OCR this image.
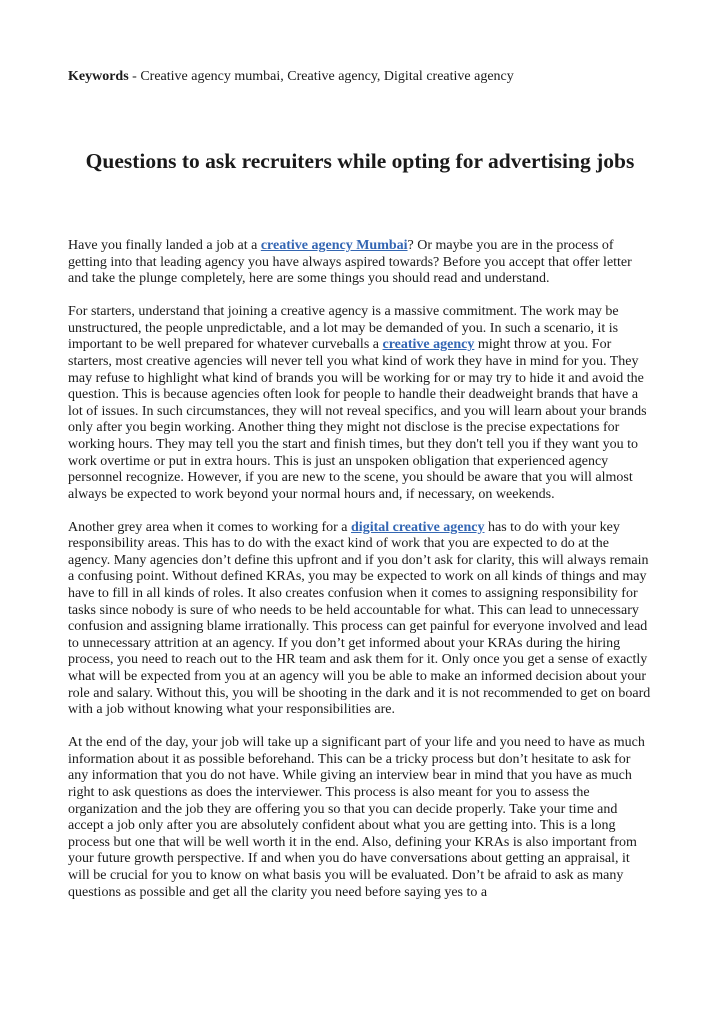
Keywords - Creative agency mumbai, Creative agency, Digital creative agency
Questions to ask recruiters while opting for advertising jobs

Have you finally landed a job at a creative agency Mumbai? Or maybe you are in the process of getting into that leading agency you have always aspired towards? Before you accept that offer letter and take the plunge completely, here are some things you should read and understand.

For starters, understand that joining a creative agency is a massive commitment. The work may be unstructured, the people unpredictable, and a lot may be demanded of you. In such a scenario, it is important to be well prepared for whatever curveballs a creative agency might throw at you. For starters, most creative agencies will never tell you what kind of work they have in mind for you. They may refuse to highlight what kind of brands you will be working for or may try to hide it and avoid the question. This is because agencies often look for people to handle their deadweight brands that have a lot of issues. In such circumstances, they will not reveal specifics, and you will learn about your brands only after you begin working. Another thing they might not disclose is the precise expectations for working hours. They may tell you the start and finish times, but they don't tell you if they want you to work overtime or put in extra hours. This is just an unspoken obligation that experienced agency personnel recognize. However, if you are new to the scene, you should be aware that you will almost always be expected to work beyond your normal hours and, if necessary, on weekends.

Another grey area when it comes to working for a digital creative agency has to do with your key responsibility areas. This has to do with the exact kind of work that you are expected to do at the agency. Many agencies don’t define this upfront and if you don’t ask for clarity, this will always remain a confusing point. Without defined KRAs, you may be expected to work on all kinds of things and may have to fill in all kinds of roles. It also creates confusion when it comes to assigning responsibility for tasks since nobody is sure of who needs to be held accountable for what. This can lead to unnecessary confusion and assigning blame irrationally. This process can get painful for everyone involved and lead to unnecessary attrition at an agency. If you don’t get informed about your KRAs during the hiring process, you need to reach out to the HR team and ask them for it. Only once you get a sense of exactly what will be expected from you at an agency will you be able to make an informed decision about your role and salary. Without this, you will be shooting in the dark and it is not recommended to get on board with a job without knowing what your responsibilities are.

At the end of the day, your job will take up a significant part of your life and you need to have as much information about it as possible beforehand. This can be a tricky process but don’t hesitate to ask for any information that you do not have. While giving an interview bear in mind that you have as much right to ask questions as does the interviewer. This process is also meant for you to assess the organization and the job they are offering you so that you can decide properly. Take your time and accept a job only after you are absolutely confident about what you are getting into. This is a long process but one that will be well worth it in the end. Also, defining your KRAs is also important from your future growth perspective. If and when you do have conversations about getting an appraisal, it will be crucial for you to know on what basis you will be evaluated. Don’t be afraid to ask as many questions as possible and get all the clarity you need before saying yes to a
